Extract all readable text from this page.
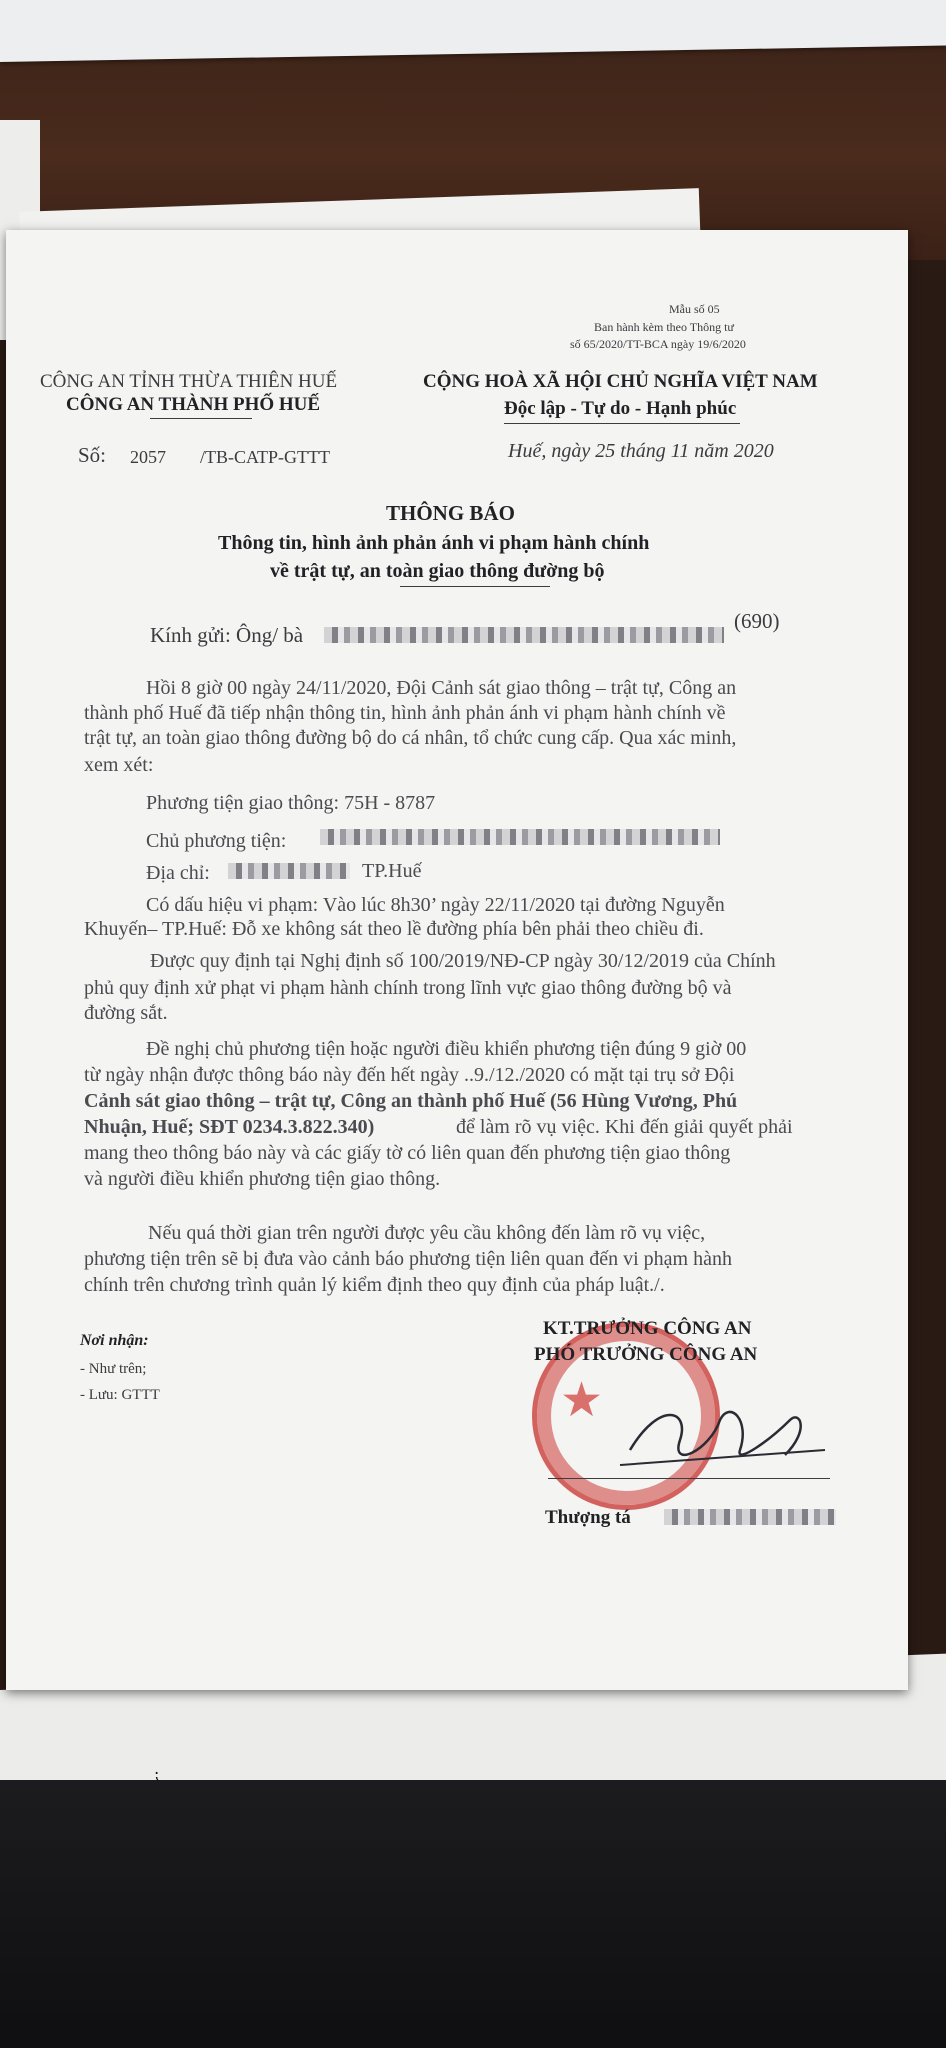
Mẫu số 05
Ban hành kèm theo Thông tư
số 65/2020/TT-BCA ngày 19/6/2020
CÔNG AN TỈNH THỪA THIÊN HUẾ
CÔNG AN THÀNH PHỐ HUẾ
Số: 2057 /TB-CATP-GTTT
CỘNG HOÀ XÃ HỘI CHỦ NGHĨA VIỆT NAM
Độc lập - Tự do - Hạnh phúc
Huế, ngày 25 tháng 11 năm 2020
THÔNG BÁO
Thông tin, hình ảnh phản ánh vi phạm hành chính
về trật tự, an toàn giao thông đường bộ
Kính gửi: Ông/ bà
(690)
Hồi 8 giờ 00 ngày 24/11/2020, Đội Cảnh sát giao thông – trật tự, Công an
thành phố Huế đã tiếp nhận thông tin, hình ảnh phản ánh vi phạm hành chính về
trật tự, an toàn giao thông đường bộ do cá nhân, tổ chức cung cấp. Qua xác minh,
xem xét:
Phương tiện giao thông: 75H - 8787
Chủ phương tiện:
Địa chỉ:	TP.Huế
Có dấu hiệu vi phạm: Vào lúc 8h30’ ngày 22/11/2020 tại đường Nguyễn
Khuyến– TP.Huế: Đỗ xe không sát theo lề đường phía bên phải theo chiều đi.
Được quy định tại Nghị định số 100/2019/NĐ-CP ngày 30/12/2019 của Chính
phủ quy định xử phạt vi phạm hành chính trong lĩnh vực giao thông đường bộ và
đường sắt.
Đề nghị chủ phương tiện hoặc người điều khiển phương tiện đúng 9 giờ 00
từ ngày nhận được thông báo này đến hết ngày ..9./12./2020 có mặt tại trụ sở Đội
Cảnh sát giao thông – trật tự, Công an thành phố Huế (56 Hùng Vương, Phú
Nhuận, Huế; SĐT 0234.3.822.340)	để làm rõ vụ việc. Khi đến giải quyết phải
mang theo thông báo này và các giấy tờ có liên quan đến phương tiện giao thông
và người điều khiển phương tiện giao thông.
Nếu quá thời gian trên người được yêu cầu không đến làm rõ vụ việc,
phương tiện trên sẽ bị đưa vào cảnh báo phương tiện liên quan đến vi phạm hành
chính trên chương trình quản lý kiểm định theo quy định của pháp luật./.
Nơi nhận:
- Như trên;
- Lưu: GTTT	★
KT.TRƯỞNG CÔNG AN
PHÓ TRƯỞNG CÔNG AN
Thượng tá
⁏
